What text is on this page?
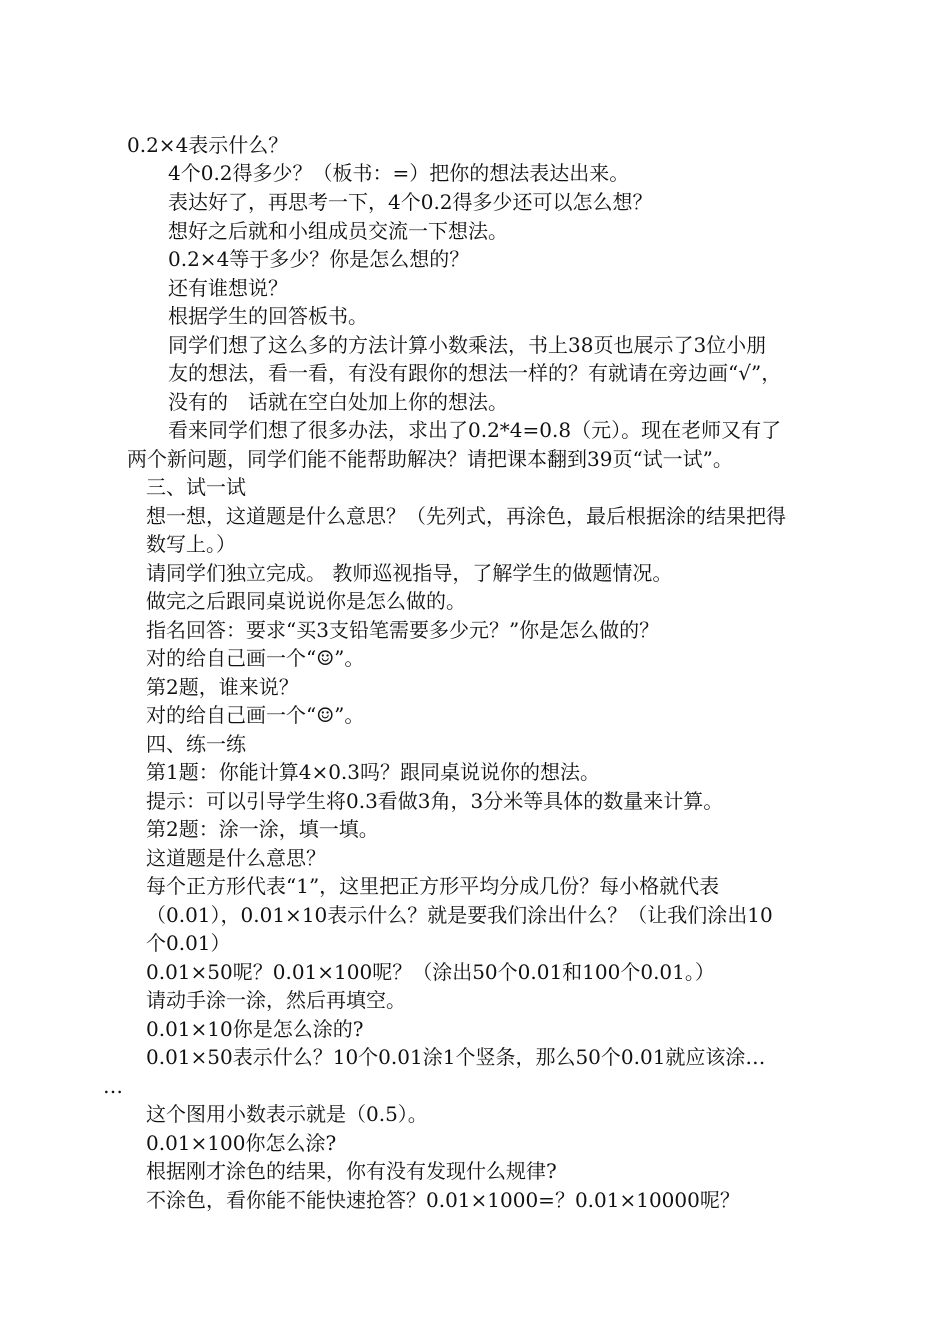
0.2×4表示什么？
4个0.2得多少？（板书：=）把你的想法表达出来。
表达好了，再思考一下，4个0.2得多少还可以怎么想？
想好之后就和小组成员交流一下想法。
0.2×4等于多少？你是怎么想的？
还有谁想说？
根据学生的回答板书。
同学们想了这么多的方法计算小数乘法，书上38页也展示了3位小朋
友的想法，看一看，有没有跟你的想法一样的？有就请在旁边画“√”，
没有的　话就在空白处加上你的想法。
看来同学们想了很多办法，求出了0.2*4=0.8（元）。现在老师又有了
两个新问题，同学们能不能帮助解决？请把课本翻到39页“试一试”。
三、试一试
想一想，这道题是什么意思？（先列式，再涂色，最后根据涂的结果把得
数写上。）
请同学们独立完成。 教师巡视指导，了解学生的做题情况。
做完之后跟同桌说说你是怎么做的。
指名回答：要求“买3支铅笔需要多少元？”你是怎么做的？
对的给自己画一个“☺”。
第2题，谁来说？
对的给自己画一个“☺”。
四、练一练
第1题：你能计算4×0.3吗？跟同桌说说你的想法。
提示：可以引导学生将0.3看做3角，3分米等具体的数量来计算。
第2题：涂一涂，填一填。
这道题是什么意思？
每个正方形代表“1”，这里把正方形平均分成几份？每小格就代表
（0.01），0.01×10表示什么？就是要我们涂出什么？（让我们涂出10
个0.01）
0.01×50呢？0.01×100呢？（涂出50个0.01和100个0.01。）
请动手涂一涂，然后再填空。
0.01×10你是怎么涂的?
0.01×50表示什么？10个0.01涂1个竖条，那么50个0.01就应该涂…
…
这个图用小数表示就是（0.5）。
0.01×100你怎么涂?
根据刚才涂色的结果，你有没有发现什么规律?
不涂色，看你能不能快速抢答？0.01×1000=？0.01×10000呢？
